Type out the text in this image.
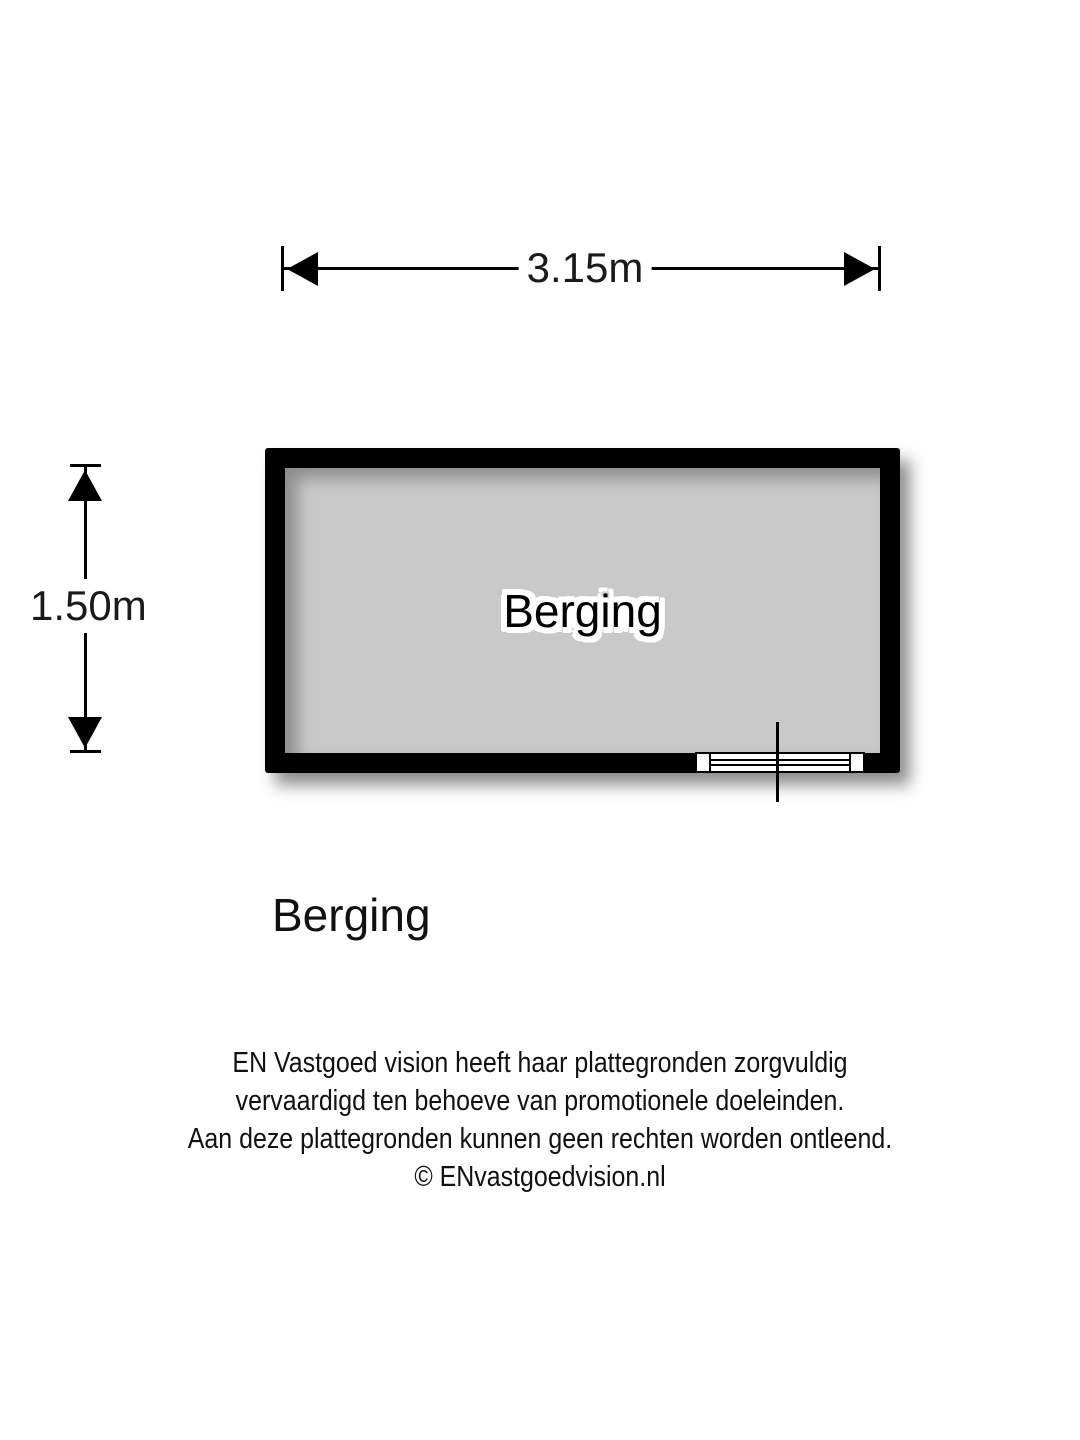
3.15m
1.50m	Berging
Berging
EN Vastgoed vision heeft haar plattegronden zorgvuldig
vervaardigd ten behoeve van promotionele doeleinden.
Aan deze plattegronden kunnen geen rechten worden ontleend.
© ENvastgoedvision.nl
